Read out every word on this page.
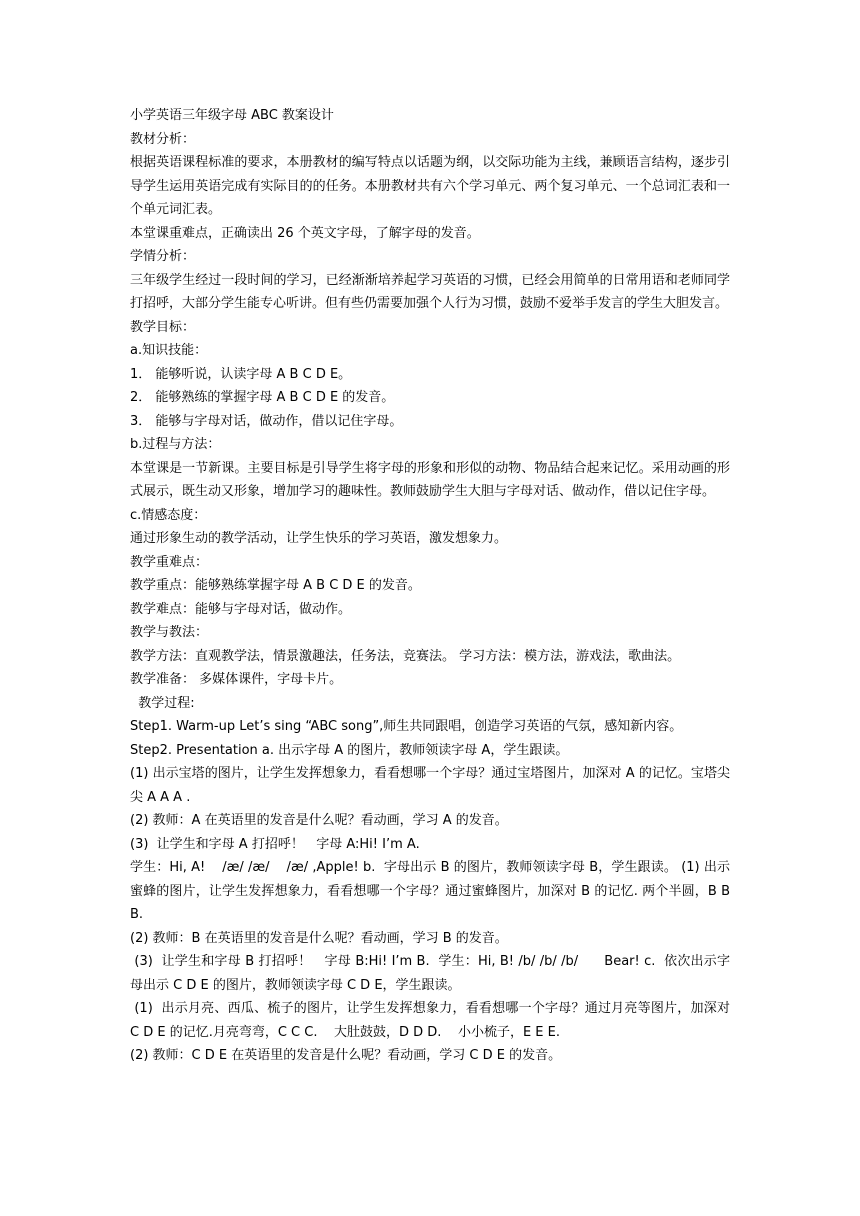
小学英语三年级字母 ABC 教案设计

教材分析：

根据英语课程标准的要求，本册教材的编写特点以话题为纲，以交际功能为主线，兼顾语言结构，逐步引导学生运用英语完成有实际目的的任务。本册教材共有六个学习单元、两个复习单元、一个总词汇表和一个单元词汇表。

本堂课重难点，正确读出 26 个英文字母，了解字母的发音。

学情分析：

三年级学生经过一段时间的学习，已经渐渐培养起学习英语的习惯，已经会用简单的日常用语和老师同学打招呼，大部分学生能专心听讲。但有些仍需要加强个人行为习惯，鼓励不爱举手发言的学生大胆发言。

教学目标：

a.知识技能：

1． 能够听说，认读字母 A B C D E。

2． 能够熟练的掌握字母 A B C D E 的发音。

3． 能够与字母对话，做动作，借以记住字母。

b.过程与方法：

本堂课是一节新课。主要目标是引导学生将字母的形象和形似的动物、物品结合起来记忆。采用动画的形式展示，既生动又形象，增加学习的趣味性。教师鼓励学生大胆与字母对话、做动作，借以记住字母。

c.情感态度：

通过形象生动的教学活动，让学生快乐的学习英语，激发想象力。

教学重难点：

教学重点：能够熟练掌握字母 A B C D E 的发音。

教学难点：能够与字母对话，做动作。

教学与教法：

教学方法：直观教学法，情景激趣法，任务法，竞赛法。 学习方法：模方法，游戏法，歌曲法。

教学准备： 多媒体课件，字母卡片。

教学过程:

Step1. Warm-up Let’s sing “ABC song”,师生共同跟唱，创造学习英语的气氛，感知新内容。

Step2. Presentation a. 出示字母 A 的图片，教师领读字母 A，学生跟读。

(1) 出示宝塔的图片，让学生发挥想象力，看看想哪一个字母？通过宝塔图片，加深对 A 的记忆。宝塔尖尖 A A A .

(2) 教师：A 在英语里的发音是什么呢？看动画，学习 A 的发音。

(3)  让学生和字母 A 打招呼！   字母 A:Hi! I’m A.

学生：Hi, A!    /æ/ /æ/    /æ/ ,Apple! b.  字母出示 B 的图片，教师领读字母 B，学生跟读。 (1) 出示蜜蜂的图片，让学生发挥想象力，看看想哪一个字母？通过蜜蜂图片，加深对 B 的记忆. 两个半圆，B B B.

(2) 教师：B 在英语里的发音是什么呢？看动画，学习 B 的发音。

(3)  让学生和字母 B 打招呼！   字母 B:Hi! I’m B.  学生：Hi, B! /b/ /b/ /b/      Bear! c.  依次出示字母出示 C D E 的图片，教师领读字母 C D E，学生跟读。

(1)  出示月亮、西瓜、梳子的图片，让学生发挥想象力，看看想哪一个字母？通过月亮等图片，加深对 C D E 的记忆.月亮弯弯，C C C.    大肚鼓鼓，D D D.    小小梳子，E E E.

(2) 教师：C D E 在英语里的发音是什么呢？看动画，学习 C D E 的发音。
